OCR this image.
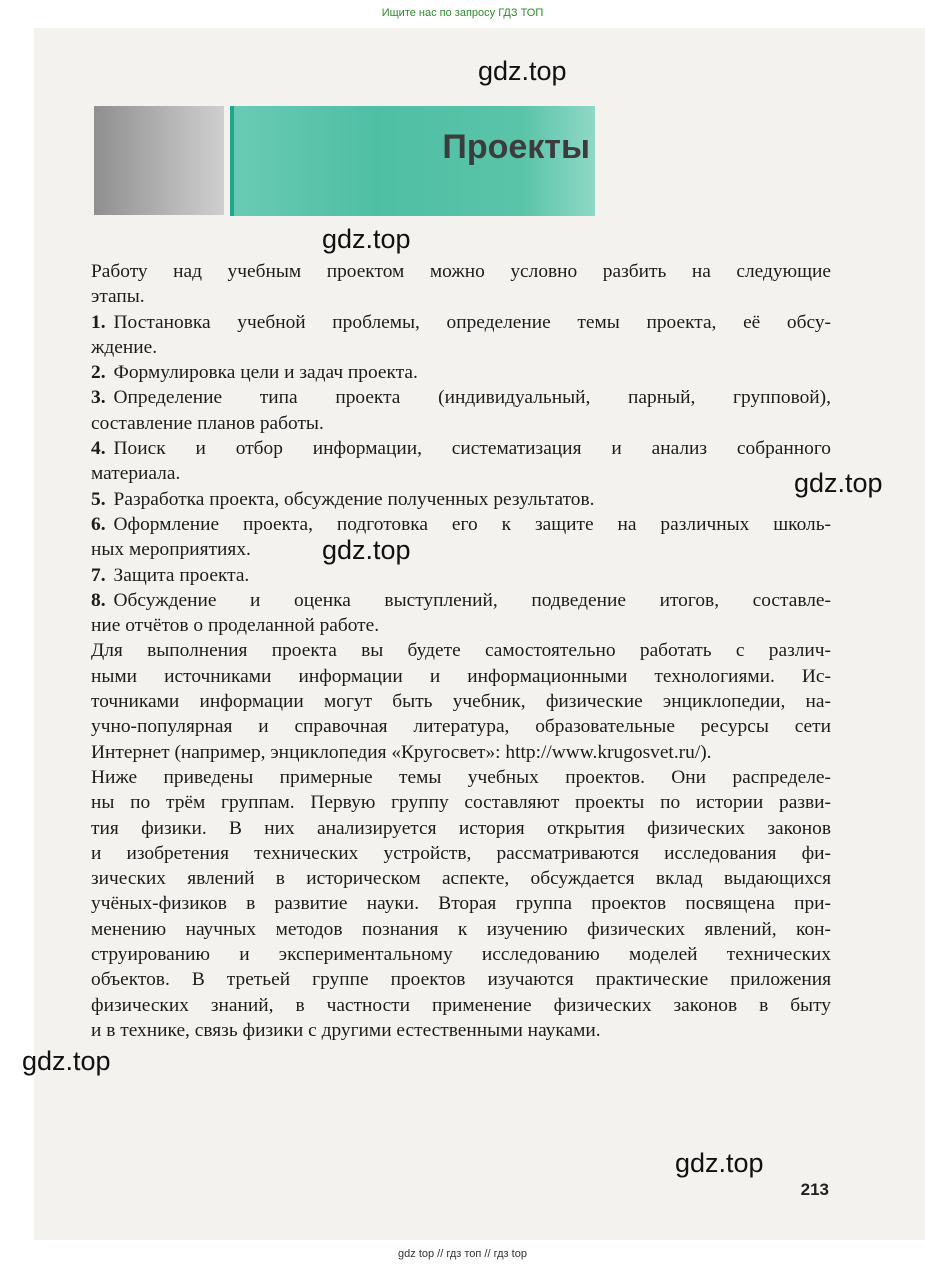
Ищите нас по запросу ГДЗ ТОП
Проекты
Работу над учебным проектом можно условно разбить на следующие
этапы.
1. Постановка учебной проблемы, определение темы проекта, её обсу-
ждение.
2. Формулировка цели и задач проекта.
3. Определение типа проекта (индивидуальный, парный, групповой),
составление планов работы.
4. Поиск и отбор информации, систематизация и анализ собранного
материала.
5. Разработка проекта, обсуждение полученных результатов.
6. Оформление проекта, подготовка его к защите на различных школь-
ных мероприятиях.
7. Защита проекта.
8. Обсуждение и оценка выступлений, подведение итогов, составле-
ние отчётов о проделанной работе.
Для выполнения проекта вы будете самостоятельно работать с различ-
ными источниками информации и информационными технологиями. Ис-
точниками информации могут быть учебник, физические энциклопедии, на-
учно-популярная и справочная литература, образовательные ресурсы сети
Интернет (например, энциклопедия «Кругосвет»: http://www.krugosvet.ru/).
Ниже приведены примерные темы учебных проектов. Они распределе-
ны по трём группам. Первую группу составляют проекты по истории разви-
тия физики. В них анализируется история открытия физических законов
и изобретения технических устройств, рассматриваются исследования фи-
зических явлений в историческом аспекте, обсуждается вклад выдающихся
учёных-физиков в развитие науки. Вторая группа проектов посвящена при-
менению научных методов познания к изучению физических явлений, кон-
струированию и экспериментальному исследованию моделей технических
объектов. В третьей группе проектов изучаются практические приложения
физических знаний, в частности применение физических законов в быту
и в технике, связь физики с другими естественными науками.
gdz.top
gdz.top
gdz.top
gdz.top
gdz.top
gdz.top
213
gdz top // гдз топ // гдз top
